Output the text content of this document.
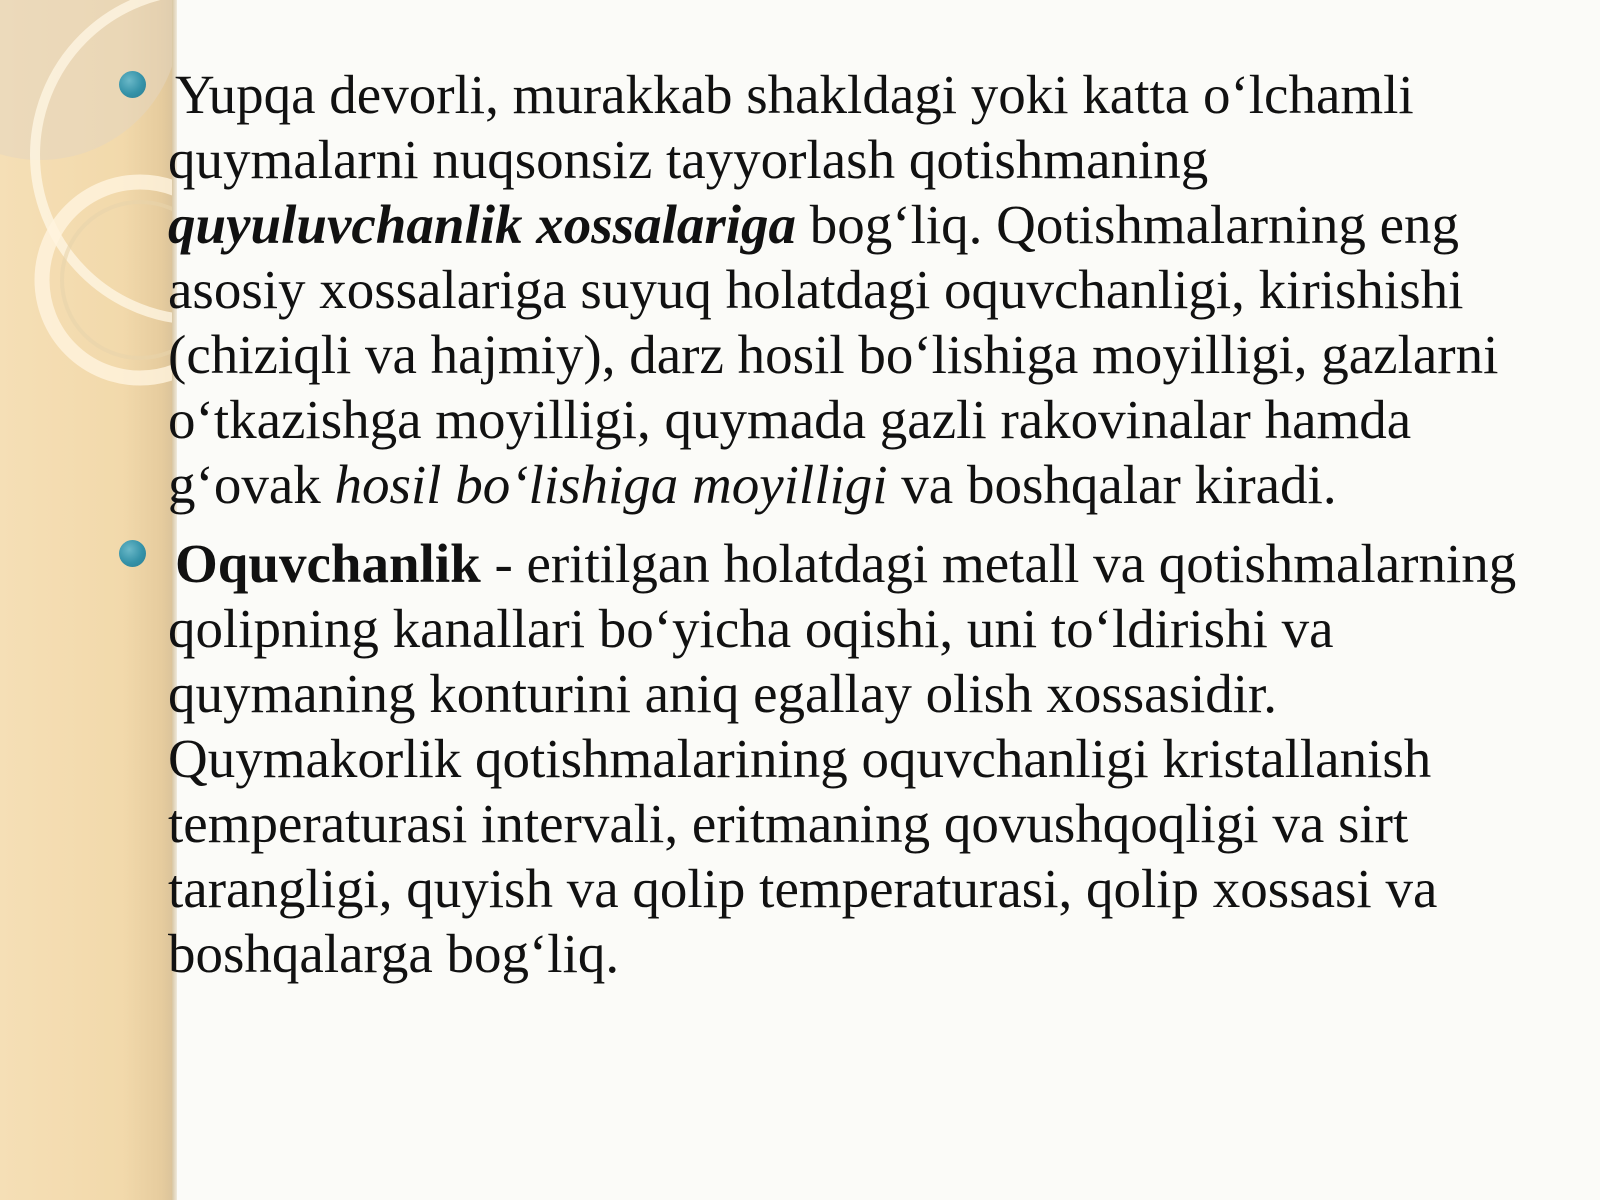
Yupqa devorli, murakkab shakldagi yoki katta o‘lchamli quymalarni nuqsonsiz tayyorlash qotishmaning quyuluvchanlik xossalariga bog‘liq. Qotishmalarning eng asosiy xossalariga suyuq holatdagi oquvchanligi, kirishishi (chiziqli va hajmiy), darz hosil bo‘lishiga moyilligi, gazlarni o‘tkazishga moyilligi, quymada gazli rakovinalar hamda g‘ovak hosil bo‘lishiga moyilligi va boshqalar kiradi.
Oquvchanlik - eritilgan holatdagi metall va qotishmalarning qolipning kanallari bo‘yicha oqishi, uni to‘ldirishi va quymaning konturini aniq egallay olish xossasidir. Quymakorlik qotishmalarining oquvchanligi kristallanish temperaturasi intervali, eritmaning qovushqoqligi va sirt tarangligi, quyish va qolip temperaturasi, qolip xossasi va boshqalarga bog‘liq.
